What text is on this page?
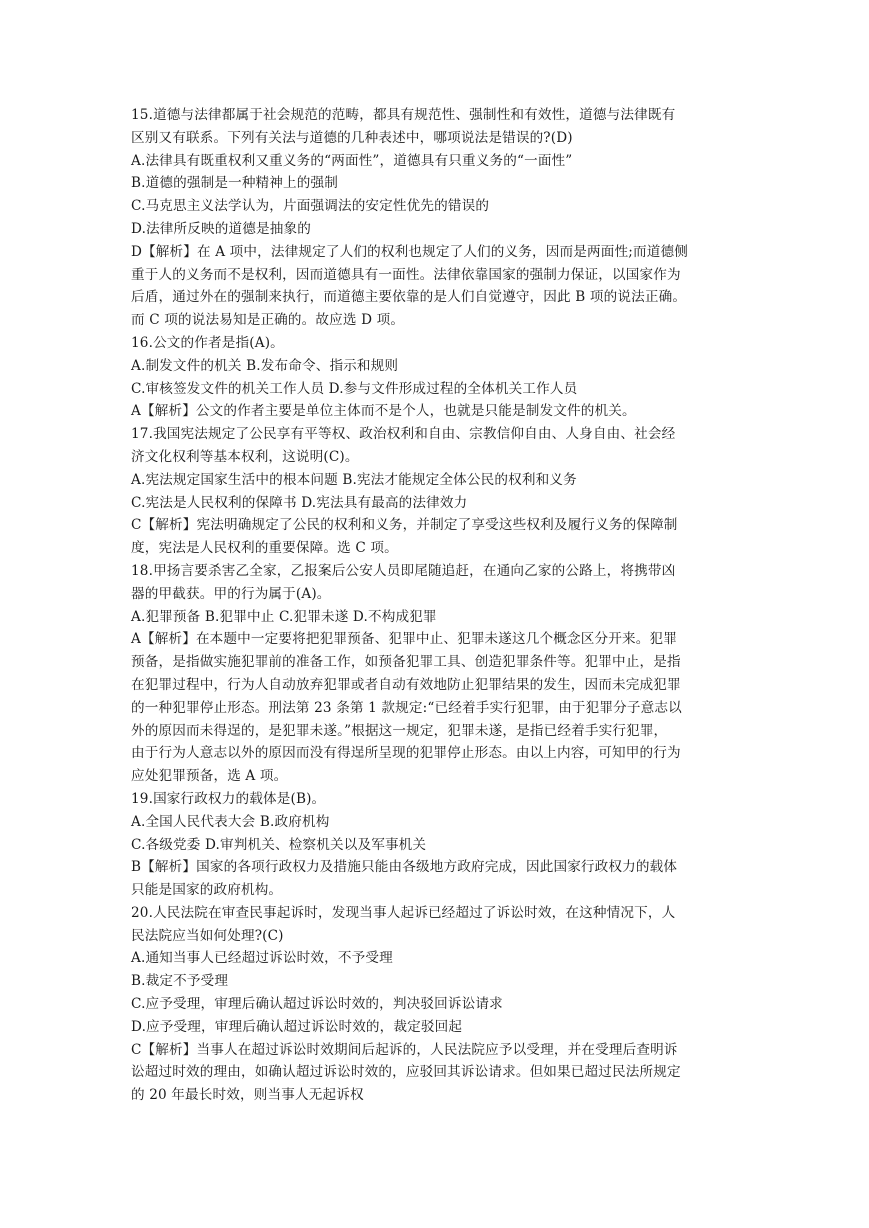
15.道德与法律都属于社会规范的范畴，都具有规范性、强制性和有效性，道德与法律既有
区别又有联系。下列有关法与道德的几种表述中，哪项说法是错误的?(D)
A.法律具有既重权利又重义务的“两面性”，道德具有只重义务的“一面性”
B.道德的强制是一种精神上的强制
C.马克思主义法学认为，片面强调法的安定性优先的错误的
D.法律所反映的道德是抽象的
D【解析】在 A 项中，法律规定了人们的权利也规定了人们的义务，因而是两面性;而道德侧
重于人的义务而不是权利，因而道德具有一面性。法律依靠国家的强制力保证，以国家作为
后盾，通过外在的强制来执行，而道德主要依靠的是人们自觉遵守，因此 B 项的说法正确。
而 C 项的说法易知是正确的。故应选 D 项。
16.公文的作者是指(A)。
A.制发文件的机关 B.发布命令、指示和规则
C.审核签发文件的机关工作人员 D.参与文件形成过程的全体机关工作人员
A【解析】公文的作者主要是单位主体而不是个人，也就是只能是制发文件的机关。
17.我国宪法规定了公民享有平等权、政治权利和自由、宗教信仰自由、人身自由、社会经
济文化权利等基本权利，这说明(C)。
A.宪法规定国家生活中的根本问题 B.宪法才能规定全体公民的权利和义务
C.宪法是人民权利的保障书 D.宪法具有最高的法律效力
C【解析】宪法明确规定了公民的权利和义务，并制定了享受这些权利及履行义务的保障制
度，宪法是人民权利的重要保障。选 C 项。
18.甲扬言要杀害乙全家，乙报案后公安人员即尾随追赶，在通向乙家的公路上，将携带凶
器的甲截获。甲的行为属于(A)。
A.犯罪预备 B.犯罪中止 C.犯罪未遂 D.不构成犯罪
A【解析】在本题中一定要将把犯罪预备、犯罪中止、犯罪未遂这几个概念区分开来。犯罪
预备，是指做实施犯罪前的准备工作，如预备犯罪工具、创造犯罪条件等。犯罪中止，是指
在犯罪过程中，行为人自动放弃犯罪或者自动有效地防止犯罪结果的发生，因而未完成犯罪
的一种犯罪停止形态。刑法第 23 条第 1 款规定:“已经着手实行犯罪，由于犯罪分子意志以
外的原因而未得逞的，是犯罪未遂。”根据这一规定，犯罪未遂，是指已经着手实行犯罪，
由于行为人意志以外的原因而没有得逞所呈现的犯罪停止形态。由以上内容，可知甲的行为
应处犯罪预备，选 A 项。
19.国家行政权力的载体是(B)。
A.全国人民代表大会 B.政府机构
C.各级党委 D.审判机关、检察机关以及军事机关
B【解析】国家的各项行政权力及措施只能由各级地方政府完成，因此国家行政权力的载体
只能是国家的政府机构。
20.人民法院在审查民事起诉时，发现当事人起诉已经超过了诉讼时效，在这种情况下，人
民法院应当如何处理?(C)
A.通知当事人已经超过诉讼时效，不予受理
B.裁定不予受理
C.应予受理，审理后确认超过诉讼时效的，判决驳回诉讼请求
D.应予受理，审理后确认超过诉讼时效的，裁定驳回起
C【解析】当事人在超过诉讼时效期间后起诉的，人民法院应予以受理，并在受理后查明诉
讼超过时效的理由，如确认超过诉讼时效的，应驳回其诉讼请求。但如果已超过民法所规定
的 20 年最长时效，则当事人无起诉权
